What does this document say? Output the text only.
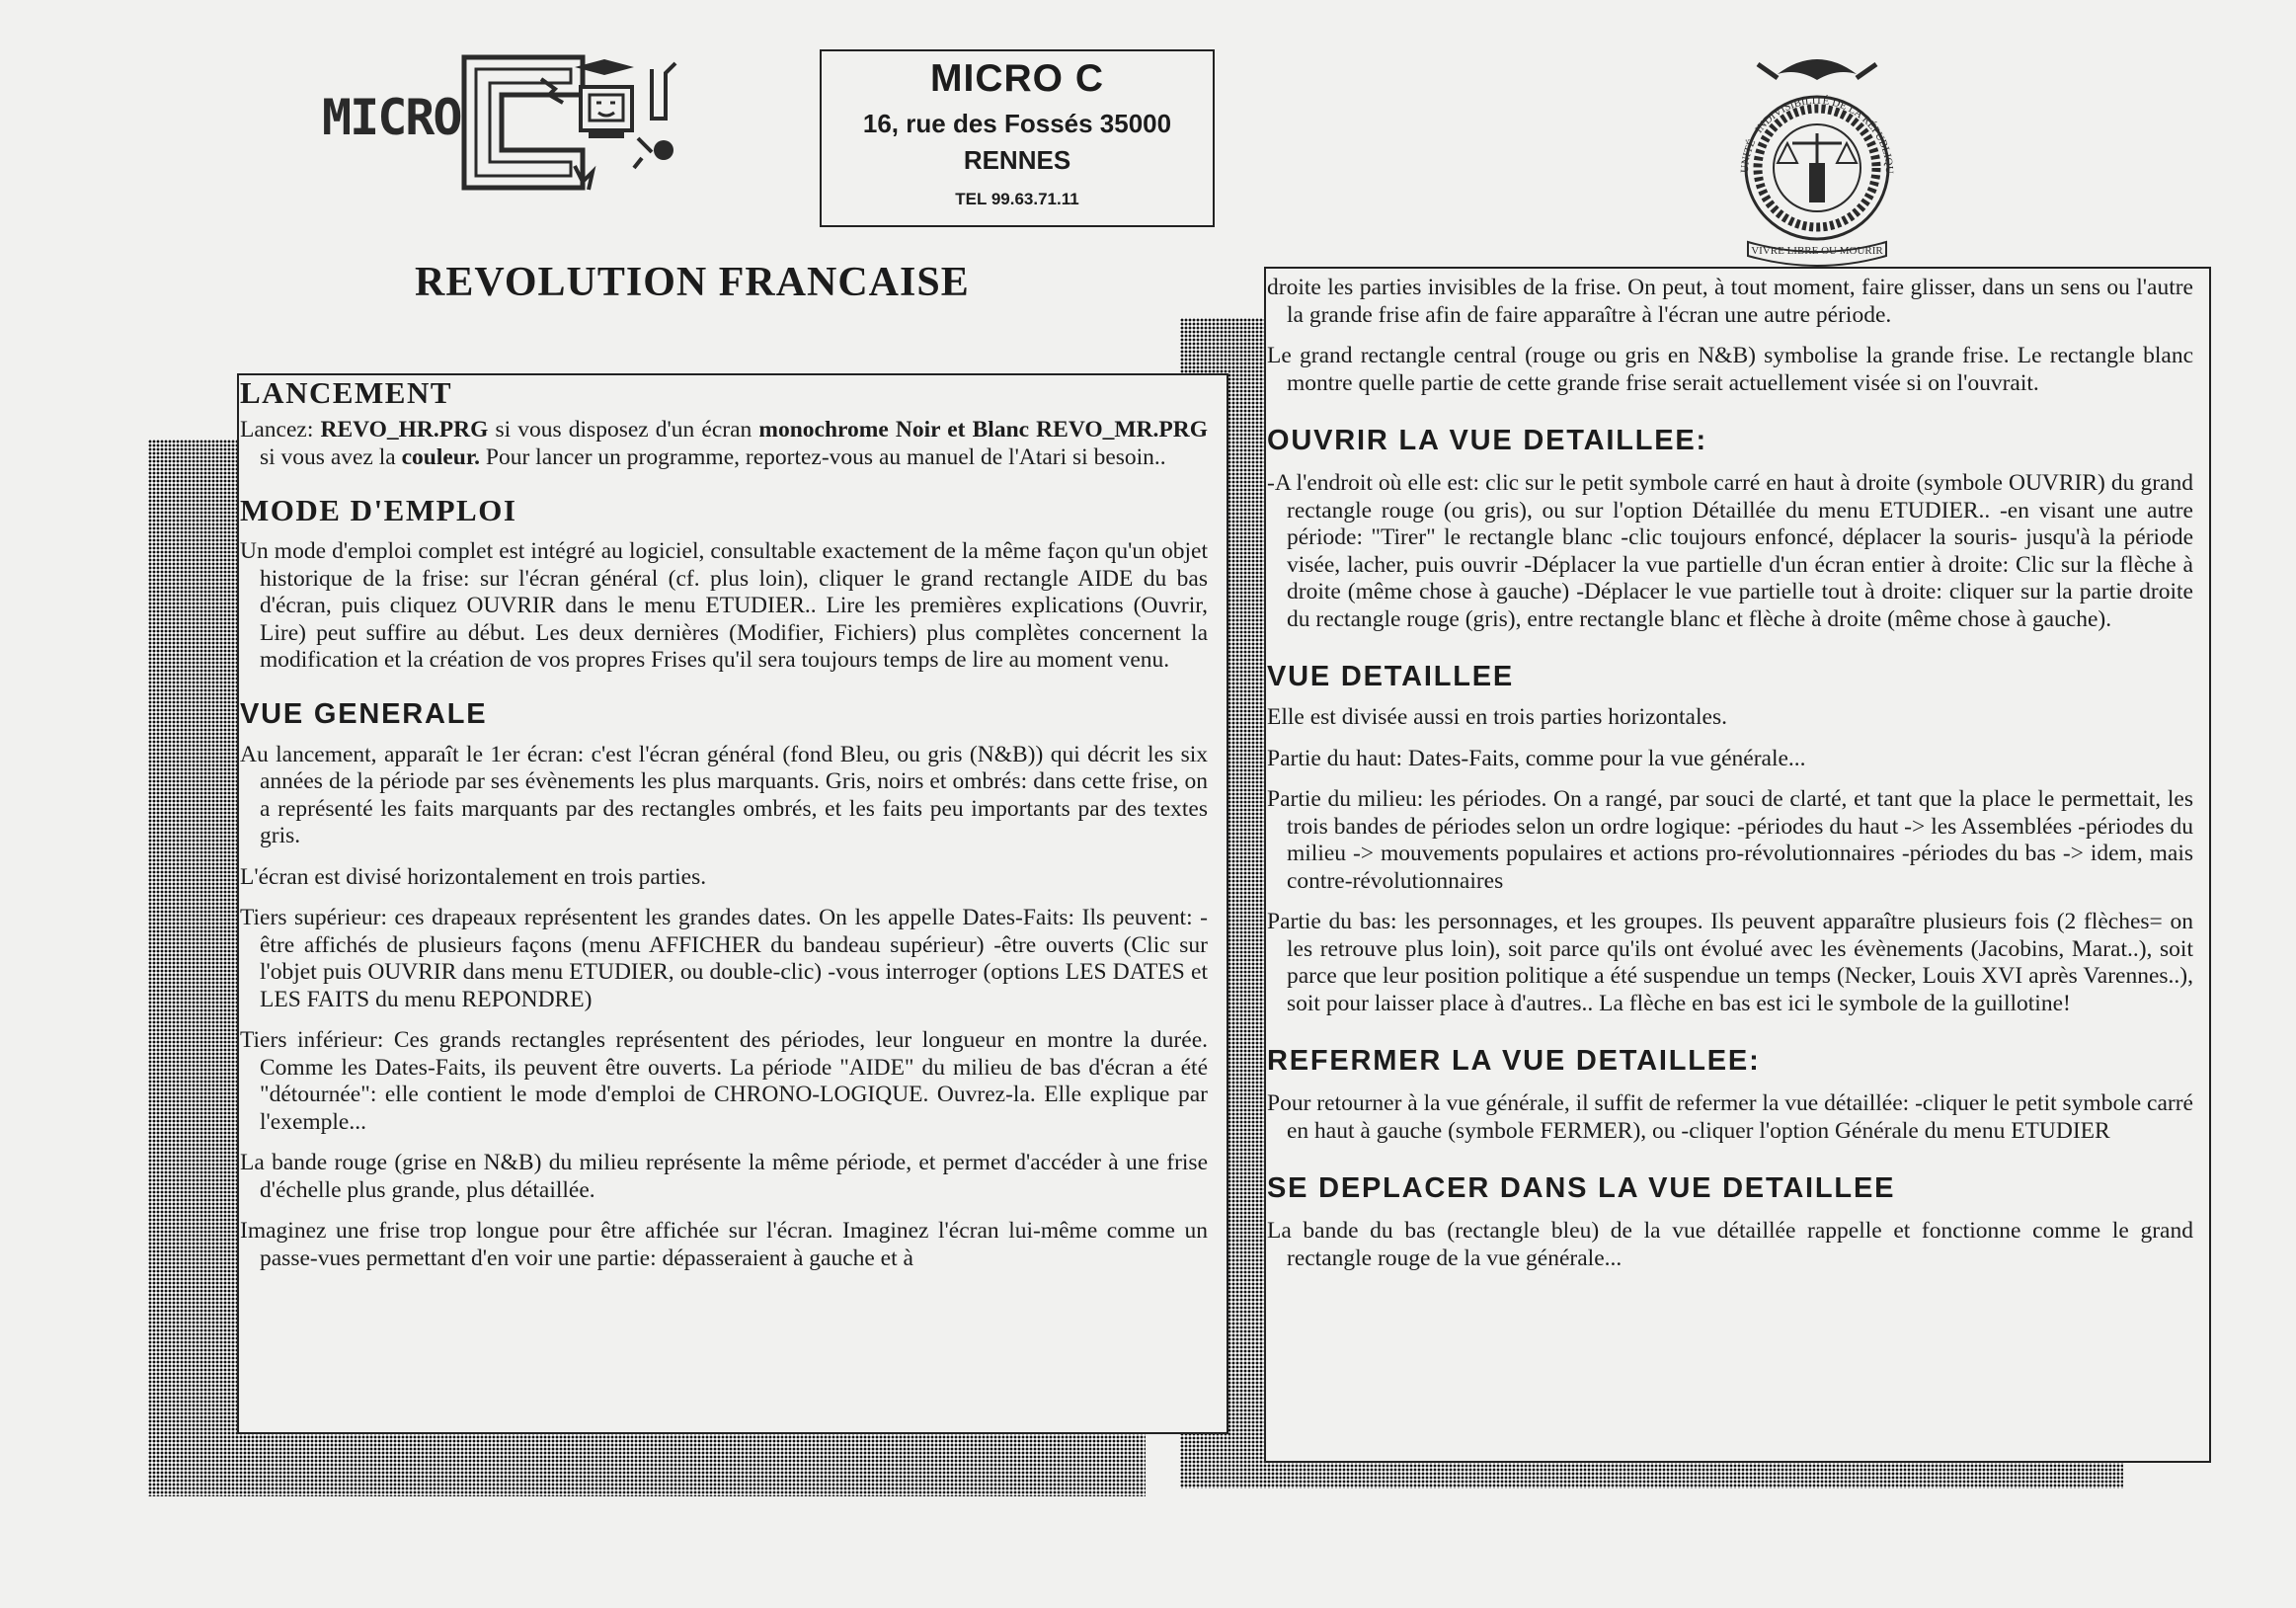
MICRO
MICRO C
16, rue des Fossés 35000
RENNES
TEL 99.63.71.11
UNITÉ · INDIVISIBILITÉ DE LA RÉPUBLIQU
VIVRE LIBRE OU MOURIR
REVOLUTION FRANCAISE
LANCEMENT

Lancez: REVO_HR.PRG si vous disposez d'un écran monochrome Noir et Blanc REVO_MR.PRG si vous avez la couleur. Pour lancer un programme, reportez-vous au manuel de l'Atari si besoin..

MODE D'EMPLOI

Un mode d'emploi complet est intégré au logiciel, consultable exactement de la même façon qu'un objet historique de la frise: sur l'écran général (cf. plus loin), cliquer le grand rectangle AIDE du bas d'écran, puis cliquez OUVRIR dans le menu ETUDIER.. Lire les premières explications (Ouvrir, Lire) peut suffire au début. Les deux dernières (Modifier, Fichiers) plus complètes concernent la modification et la création de vos propres Frises qu'il sera toujours temps de lire au moment venu.

VUE GENERALE

Au lancement, apparaît le 1er écran: c'est l'écran général (fond Bleu, ou gris (N&B)) qui décrit les six années de la période par ses évènements les plus marquants. Gris, noirs et ombrés: dans cette frise, on a représenté les faits marquants par des rectangles ombrés, et les faits peu importants par des textes gris.

L'écran est divisé horizontalement en trois parties.

Tiers supérieur: ces drapeaux représentent les grandes dates. On les appelle Dates-Faits: Ils peuvent: - être affichés de plusieurs façons (menu AFFICHER du bandeau supérieur) -être ouverts (Clic sur l'objet puis OUVRIR dans menu ETUDIER, ou double-clic) -vous interroger (options LES DATES et LES FAITS du menu REPONDRE)

Tiers inférieur: Ces grands rectangles représentent des périodes, leur longueur en montre la durée. Comme les Dates-Faits, ils peuvent être ouverts. La période "AIDE" du milieu de bas d'écran a été "détournée": elle contient le mode d'emploi de CHRONO-LOGIQUE. Ouvrez-la. Elle explique par l'exemple...

La bande rouge (grise en N&B) du milieu représente la même période, et permet d'accéder à une frise d'échelle plus grande, plus détaillée.

Imaginez une frise trop longue pour être affichée sur l'écran. Imaginez l'écran lui-même comme un passe-vues permettant d'en voir une partie: dépasseraient à gauche et à

droite les parties invisibles de la frise. On peut, à tout moment, faire glisser, dans un sens ou l'autre la grande frise afin de faire apparaître à l'écran une autre période.

Le grand rectangle central (rouge ou gris en N&B) symbolise la grande frise. Le rectangle blanc montre quelle partie de cette grande frise serait actuellement visée si on l'ouvrait.

OUVRIR LA VUE DETAILLEE:

-A l'endroit où elle est: clic sur le petit symbole carré en haut à droite (symbole OUVRIR) du grand rectangle rouge (ou gris), ou sur l'option Détaillée du menu ETUDIER.. -en visant une autre période: "Tirer" le rectangle blanc -clic toujours enfoncé, déplacer la souris- jusqu'à la période visée, lacher, puis ouvrir -Déplacer la vue partielle d'un écran entier à droite: Clic sur la flèche à droite (même chose à gauche) -Déplacer le vue partielle tout à droite: cliquer sur la partie droite du rectangle rouge (gris), entre rectangle blanc et flèche à droite (même chose à gauche).

VUE DETAILLEE

Elle est divisée aussi en trois parties horizontales.

Partie du haut: Dates-Faits, comme pour la vue générale...

Partie du milieu: les périodes. On a rangé, par souci de clarté, et tant que la place le permettait, les trois bandes de périodes selon un ordre logique: -périodes du haut -> les Assemblées -périodes du milieu -> mouvements populaires et actions pro-révolutionnaires -périodes du bas -> idem, mais contre-révolutionnaires

Partie du bas: les personnages, et les groupes. Ils peuvent apparaître plusieurs fois (2 flèches= on les retrouve plus loin), soit parce qu'ils ont évolué avec les évènements (Jacobins, Marat..), soit parce que leur position politique a été suspendue un temps (Necker, Louis XVI après Varennes..), soit pour laisser place à d'autres.. La flèche en bas est ici le symbole de la guillotine!

REFERMER LA VUE DETAILLEE:

Pour retourner à la vue générale, il suffit de refermer la vue détaillée: -cliquer le petit symbole carré en haut à gauche (symbole FERMER), ou -cliquer l'option Générale du menu ETUDIER

SE DEPLACER DANS LA VUE DETAILLEE

La bande du bas (rectangle bleu) de la vue détaillée rappelle et fonctionne comme le grand rectangle rouge de la vue générale...
